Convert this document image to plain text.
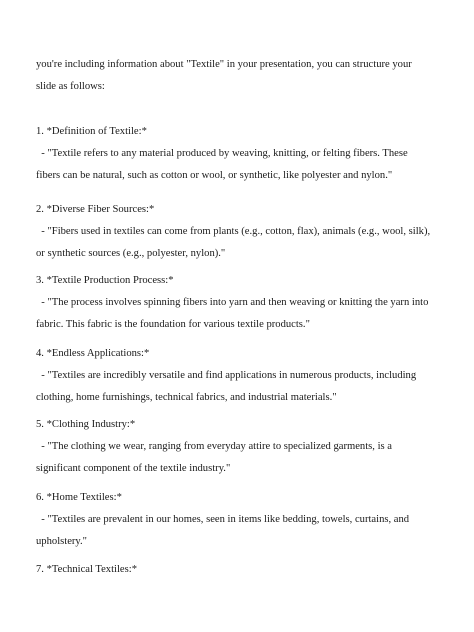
you're including information about "Textile" in your presentation, you can structure your
slide as follows:
1. *Definition of Textile:*
- "Textile refers to any material produced by weaving, knitting, or felting fibers. These
fibers can be natural, such as cotton or wool, or synthetic, like polyester and nylon."
2. *Diverse Fiber Sources:*
- "Fibers used in textiles can come from plants (e.g., cotton, flax), animals (e.g., wool, silk),
or synthetic sources (e.g., polyester, nylon)."
3. *Textile Production Process:*
- "The process involves spinning fibers into yarn and then weaving or knitting the yarn into
fabric. This fabric is the foundation for various textile products."
4. *Endless Applications:*
- "Textiles are incredibly versatile and find applications in numerous products, including
clothing, home furnishings, technical fabrics, and industrial materials."
5. *Clothing Industry:*
- "The clothing we wear, ranging from everyday attire to specialized garments, is a
significant component of the textile industry."
6. *Home Textiles:*
- "Textiles are prevalent in our homes, seen in items like bedding, towels, curtains, and
upholstery."
7. *Technical Textiles:*
